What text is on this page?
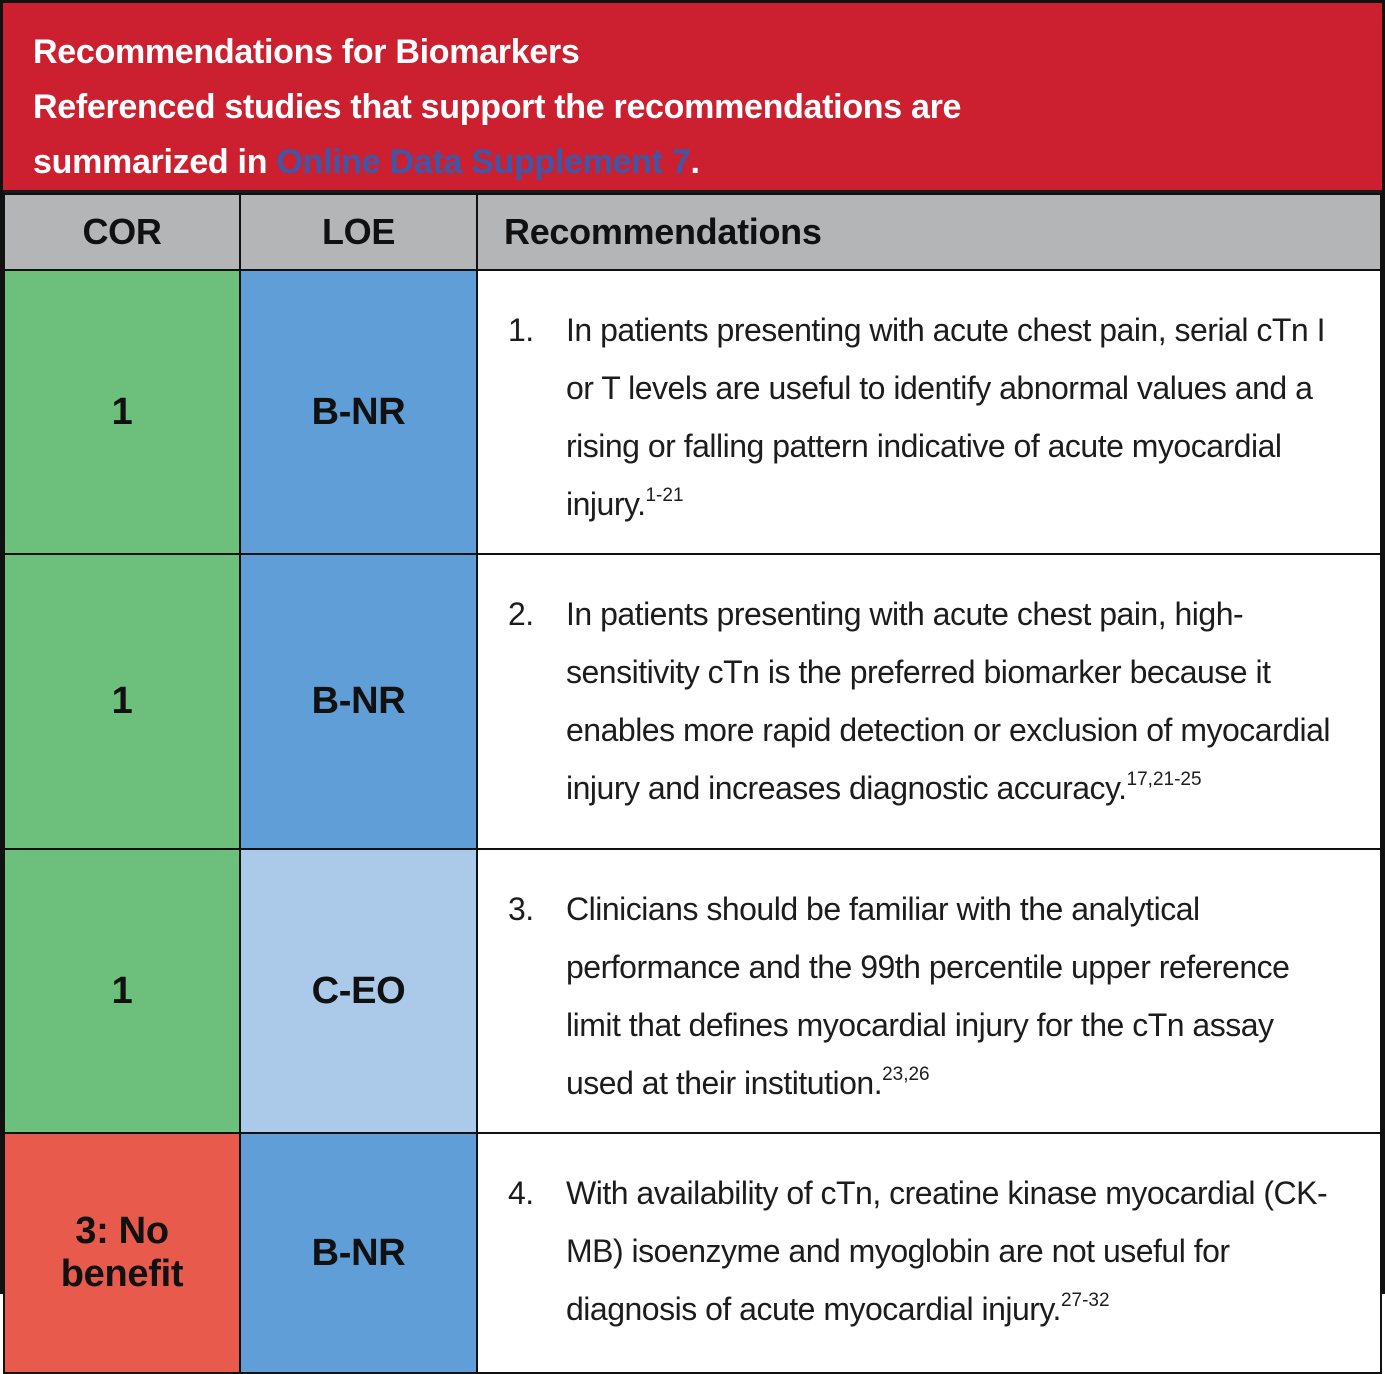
Recommendations for Biomarkers
Referenced studies that support the recommendations are
summarized in Online Data Supplement 7.
COR	LOE	Recommendations
1	B-NR	1. In patients presenting with acute chest pain, serial cTn I or T levels are useful to identify abnormal values and a rising or falling pattern indicative of acute myocardial injury.$^{1-21}$

1	B-NR	2. In patients presenting with acute chest pain, high-sensitivity cTn is the preferred biomarker because it enables more rapid detection or exclusion of myocardial injury and increases diagnostic accuracy.$^{17,21-25}$

1	C-EO	3. Clinicians should be familiar with the analytical performance and the 99th percentile upper reference limit that defines myocardial injury for the cTn assay used at their institution.$^{23,26}$

3: No benefit	B-NR	4. With availability of cTn, creatine kinase myocardial (CK-MB) isoenzyme and myoglobin are not useful for diagnosis of acute myocardial injury.$^{27-32}$
